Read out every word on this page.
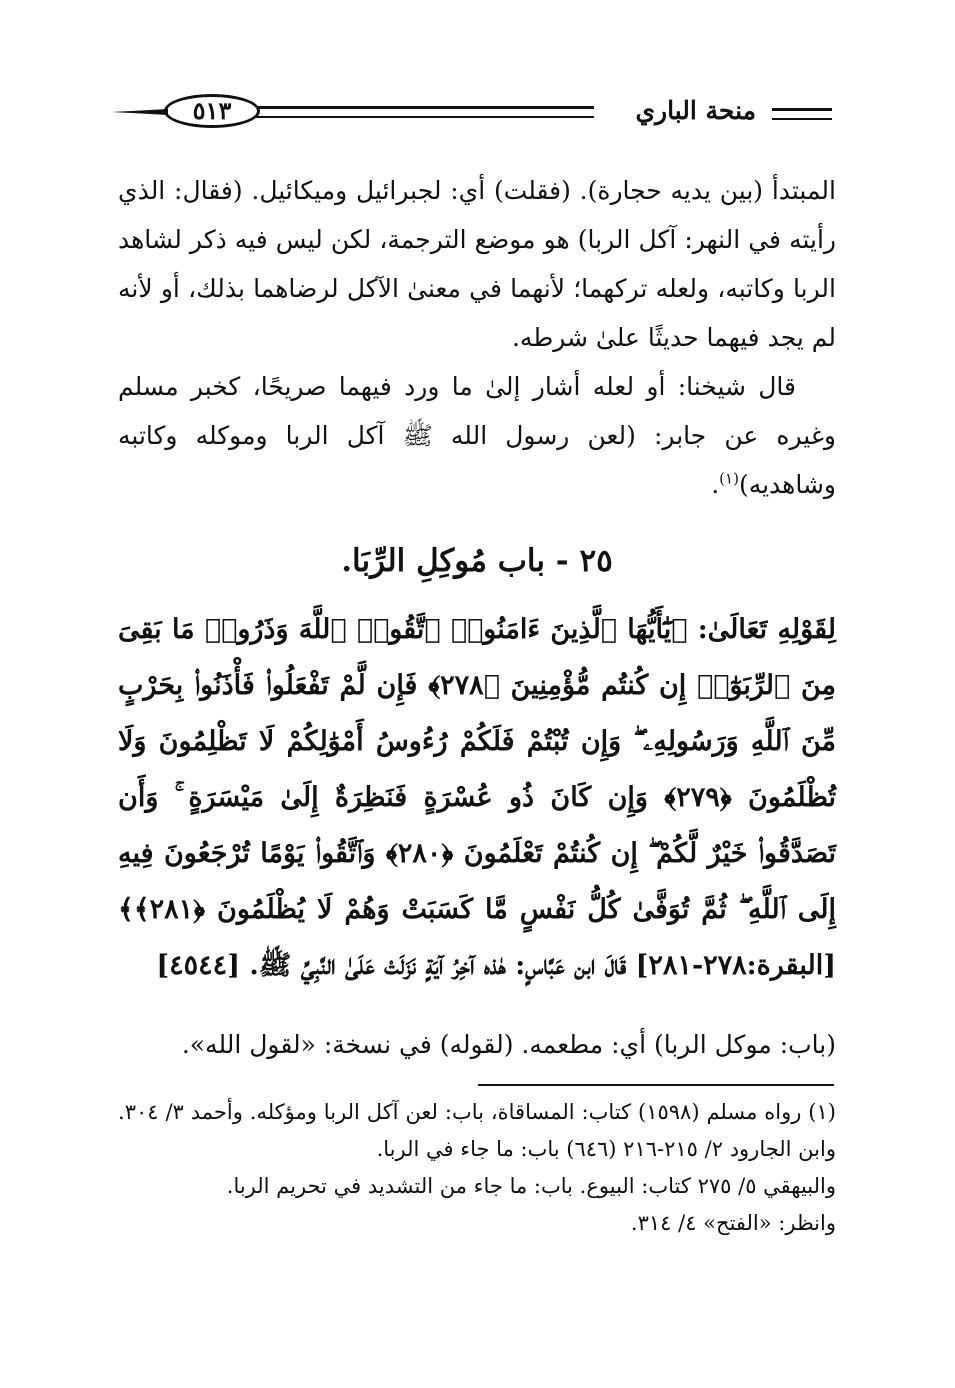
منحة الباري
٥١٣

المبتدأ (بين يديه حجارة). (فقلت) أي: لجبرائيل وميكائيل. (فقال: الذي رأيته في النهر: آكل الربا) هو موضع الترجمة، لكن ليس فيه ذكر لشاهد الربا وكاتبه، ولعله تركهما؛ لأنهما في معنىٰ الآكل لرضاهما بذلك، أو لأنه لم يجد فيهما حديثًا علىٰ شرطه.

قال شيخنا: أو لعله أشار إلىٰ ما ورد فيهما صريحًا، كخبر مسلم وغيره عن جابر: (لعن رسول الله ﷺ آكل الربا وموكله وكاتبه وشاهديه)$^{(١)}$.

٢٥ - باب مُوكِلِ الرِّبَا.

لِقَوْلِهِ تَعَالَىٰ: ﴿يَٰٓأَيُّهَا ٱلَّذِينَ ءَامَنُوا۟ ٱتَّقُوا۟ ٱللَّهَ وَذَرُوا۟ مَا بَقِىَ مِنَ ٱلرِّبَوٰٓا۟ إِن كُنتُم مُّؤْمِنِينَ ﴿٢٧٨﴾ فَإِن لَّمْ تَفْعَلُوا۟ فَأْذَنُوا۟ بِحَرْبٍ مِّنَ ٱللَّهِ وَرَسُولِهِۦ ۖ وَإِن تُبْتُمْ فَلَكُمْ رُءُوسُ أَمْوَٰلِكُمْ لَا تَظْلِمُونَ وَلَا تُظْلَمُونَ ﴿٢٧٩﴾ وَإِن كَانَ ذُو عُسْرَةٍ فَنَظِرَةٌ إِلَىٰ مَيْسَرَةٍ ۚ وَأَن تَصَدَّقُوا۟ خَيْرٌ لَّكُمْ ۖ إِن كُنتُمْ تَعْلَمُونَ ﴿٢٨٠﴾ وَٱتَّقُوا۟ يَوْمًا تُرْجَعُونَ فِيهِ إِلَى ٱللَّهِ ۖ ثُمَّ تُوَفَّىٰ كُلُّ نَفْسٍ مَّا كَسَبَتْ وَهُمْ لَا يُظْلَمُونَ ﴿٢٨١﴾﴾ [البقرة:٢٧٨-٢٨١] قَالَ ابن عَبَّاسٍ: هٰذه آخِرُ آيَةٍ نَزَلَتْ عَلَىٰ النَّبِيِّ ﷺ. [٤٥٤٤]

(باب: موكل الربا) أي: مطعمه. (لقوله) في نسخة: «لقول الله».

(١) رواه مسلم (١٥٩٨) كتاب: المساقاة، باب: لعن آكل الربا ومؤكله. وأحمد ٣/ ٣٠٤. وابن الجارود ٢/ ٢١٥-٢١٦ (٦٤٦) باب: ما جاء في الربا.

والبيهقي ٥/ ٢٧٥ كتاب: البيوع. باب: ما جاء من التشديد في تحريم الربا.

وانظر: «الفتح» ٤/ ٣١٤.
